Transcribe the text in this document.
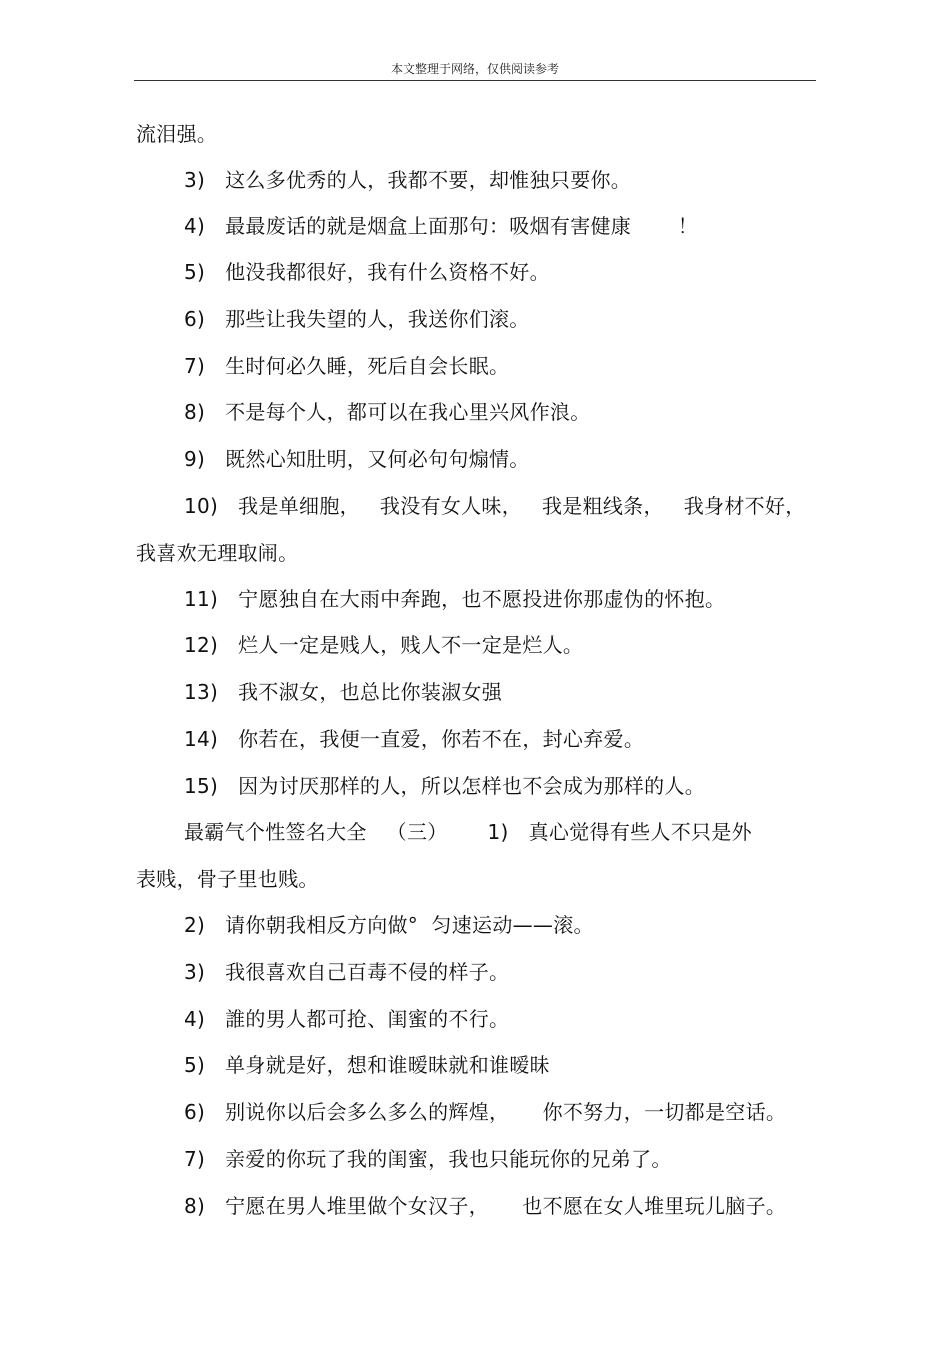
本文整理于网络，仅供阅读参考
流泪强。
3)   这么多优秀的人，我都不要，却惟独只要你。
4)   最最废话的就是烟盒上面那句：吸烟有害健康       ！
5)   他没我都很好，我有什么资格不好。
6)   那些让我失望的人，我送你们滚。
7)   生时何必久睡，死后自会长眠。
8)   不是每个人，都可以在我心里兴风作浪。
9)   既然心知肚明，又何必句句煽情。
10)   我是单细胞，   我没有女人味，   我是粗线条，   我身材不好，
我喜欢无理取闹。
11)   宁愿独自在大雨中奔跑，也不愿投进你那虚伪的怀抱。
12)   烂人一定是贱人，贱人不一定是烂人。
13)   我不淑女，也总比你装淑女强
14)   你若在，我便一直爱，你若不在，封心弃爱。
15)   因为讨厌那样的人，所以怎样也不会成为那样的人。
最霸气个性签名大全   （三）      1)   真心觉得有些人不只是外
表贱，骨子里也贱。
2)   请你朝我相反方向做°  匀速运动——滚。
3)   我很喜欢自己百毒不侵的样子。
4)   誰的男人都可抢、闺蜜的不行。
5)   单身就是好，想和谁暧昧就和谁暧昧
6)   别说你以后会多么多么的辉煌，     你不努力，一切都是空话。
7)   亲爱的你玩了我的闺蜜，我也只能玩你的兄弟了。
8)   宁愿在男人堆里做个女汉子，     也不愿在女人堆里玩儿脑子。
